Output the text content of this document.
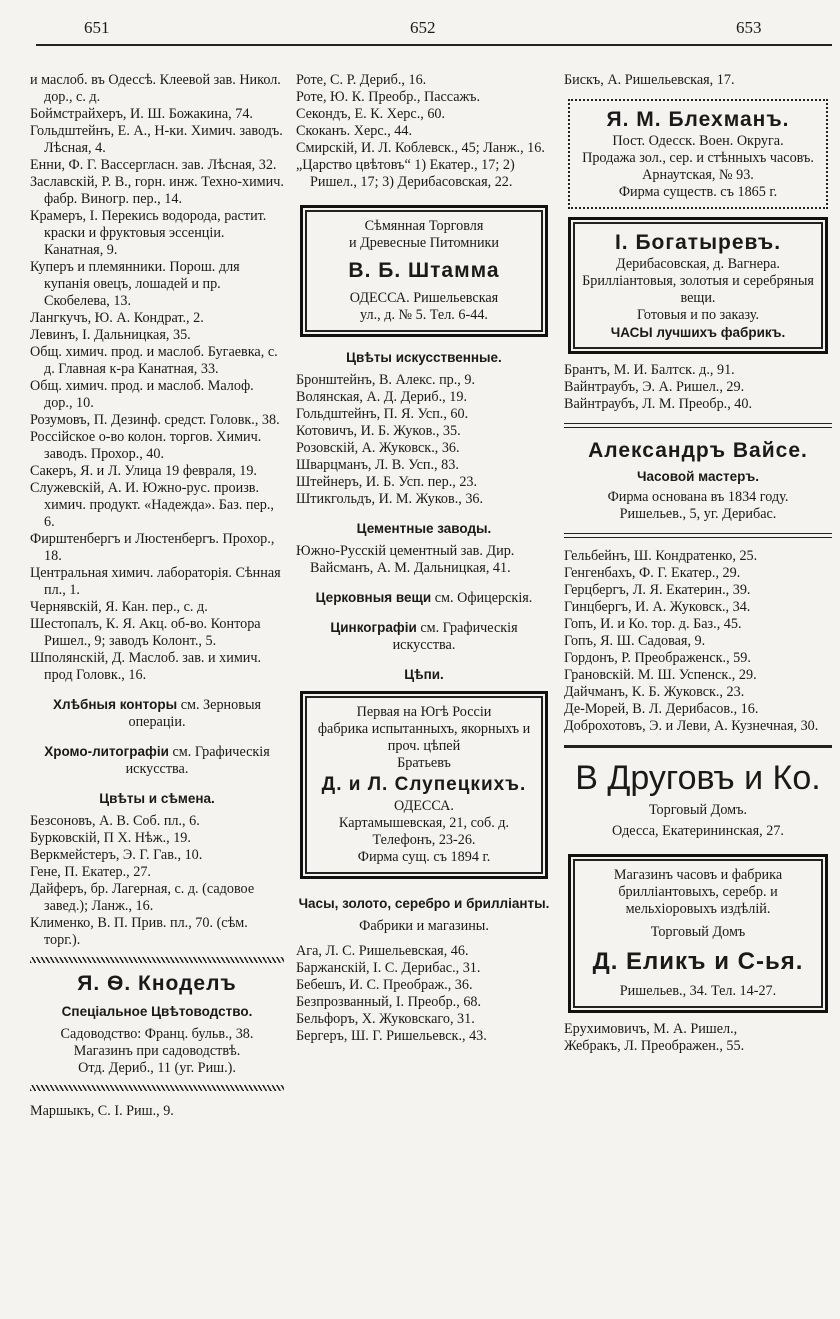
651	652	653
и маслоб. въ Одессѣ. Клеевой зав. Никол. дор., с. д.
Боймстрайхеръ, И. Ш. Божакина, 74.
Гольдштейнъ, Е. А., Н-ки. Химич. заводъ. Лѣсная, 4.
Енни, Ф. Г. Вассергласн. зав. Лѣсная, 32.
Заславскій, Р. В., горн. инж. Техно-химич. фабр. Виногр. пер., 14.
Крамеръ, І. Перекись водорода, растит. краски и фруктовыя эссенціи. Канатная, 9.
Куперъ и племянники. Порош. для купанія овецъ, лошадей и пр. Скобелева, 13.
Лангкучъ, Ю. А. Кондрат., 2.
Левинъ, І. Дальницкая, 35.
Общ. химич. прод. и маслоб. Бугаевка, с. д. Главная к-ра Канатная, 33.
Общ. химич. прод. и маслоб. Малоф. дор., 10.
Розумовъ, П. Дезинф. средст. Головк., 38.
Россійское о-во колон. торгов. Химич. заводъ. Прохор., 40.
Сакеръ, Я. и Л. Улица 19 февраля, 19.
Служевскій, А. И. Южно-рус. произв. химич. продукт. «Надежда». Баз. пер., 6.
Фирштенбергъ и Люстенбергъ. Прохор., 18.
Центральная химич. лабораторія. Сѣнная пл., 1.
Чернявскій, Я. Кан. пер., с. д.
Шестопалъ, К. Я. Акц. об-во. Контора Ришел., 9; заводъ Колонт., 5.
Шполянскій, Д. Маслоб. зав. и химич. прод Головк., 16.
Хлѣбныя конторы см. Зерновыя операціи.
Хромо-литографіи см. Графическія искусства.
Цвѣты и сѣмена.
Безсоновъ, А. В. Соб. пл., 6.
Бурковскій, П Х. Нѣж., 19.
Веркмейстеръ, Э. Г. Гав., 10.
Гене, П. Екатер., 27.
Дайферъ, бр. Лагерная, с. д. (садовое завед.); Ланж., 16.
Клименко, В. П. Прив. пл., 70. (сѣм. торг.).
Я. Ѳ. Кноделъ
Спеціальное Цвѣтоводство.
Садоводство: Франц. бульв., 38.
Магазинъ при садоводствѣ.
Отд. Дериб., 11 (уг. Риш.).
Маршыкъ, С. І. Риш., 9.
Роте, С. Р. Дериб., 16.
Роте, Ю. К. Преобр., Пассажъ.
Секондъ, Е. К. Херс., 60.
Скоканъ. Херс., 44.
Смирскій, И. Л. Коблевск., 45; Ланж., 16.
„Царство цвѣтовъ“ 1) Екатер., 17; 2) Ришел., 17; 3) Дерибасовская, 22.
Сѣмянная Торговля
и Древесные Питомники
В. Б. Штамма
ОДЕССА. Ришельевская
ул., д. № 5. Тел. 6-44.
Цвѣты искусственные.
Бронштейнъ, В. Алекс. пр., 9.
Волянская, А. Д. Дериб., 19.
Гольдштейнъ, П. Я. Усп., 60.
Котовичъ, И. Б. Жуков., 35.
Розовскій, А. Жуковск., 36.
Шварцманъ, Л. В. Усп., 83.
Штейнеръ, И. Б. Усп. пер., 23.
Штикгольдъ, И. М. Жуков., 36.
Цементные заводы.
Южно-Русскій цементный зав. Дир. Вайсманъ, А. М. Дальницкая, 41.
Церковныя вещи см. Офицерскія.
Цинкографіи см. Графическія искусства.
Цѣпи.
Первая на Югѣ Россіи
фабрика испытанныхъ, якорныхъ и проч. цѣпей
Братьевъ
Д. и Л. Слупецкихъ.
ОДЕССА.
Картамышевская, 21, соб. д.
Телефонъ, 23-26.
Фирма сущ. съ 1894 г.
Часы, золото, серебро и брилліанты.
Фабрики и магазины.
Ага, Л. С. Ришельевская, 46.
Баржанскій, І. С. Дерибас., 31.
Бебешъ, И. С. Преображ., 36.
Безпрозванный, І. Преобр., 68.
Бельфоръ, Х. Жуковскаго, 31.
Бергеръ, Ш. Г. Ришельевск., 43.
Бискъ, А. Ришельевская, 17.
Я. М. Блехманъ.
Пост. Одесск. Воен. Округа.
Продажа зол., сер. и стѣнныхъ часовъ.
Арнаутская, № 93.
Фирма существ. съ 1865 г.
І. Богатыревъ.
Дерибасовская, д. Вагнера.
Брилліантовыя, золотыя и серебряныя вещи.
Готовыя и по заказу.
ЧАСЫ лучшихъ фабрикъ.
Брантъ, М. И. Балтск. д., 91.
Вайнтраубъ, Э. А. Ришел., 29.
Вайнтраубъ, Л. М. Преобр., 40.
Александръ Вайсе.
Часовой мастеръ.
Фирма основана въ 1834 году.
Ришельев., 5, уг. Дерибас.
Гельбейнъ, Ш. Кондратенко, 25.
Генгенбахъ, Ф. Г. Екатер., 29.
Герцбергъ, Л. Я. Екатерин., 39.
Гинцбергъ, И. А. Жуковск., 34.
Гопъ, И. и Ко. тор. д. Баз., 45.
Гопъ, Я. Ш. Садовая, 9.
Гордонъ, Р. Преображенск., 59.
Грановскій. М. Ш. Успенск., 29.
Дайчманъ, К. Б. Жуковск., 23.
Де-Морей, В. Л. Дерибасов., 16.
Доброхотовъ, Э. и Леви, А. Кузнечная, 30.
В Друговъ и Ко.
Торговый Домъ.
Одесса, Екатерининская, 27.
Магазинъ часовъ и фабрика брилліантовыхъ, серебр. и мельхіоровыхъ издѣлій.
Торговый Домъ
Д. Еликъ и С-ья.
Ришельев., 34. Тел. 14-27.
Ерухимовичъ, М. А. Ришел.,
Жебракъ, Л. Преображен., 55.
